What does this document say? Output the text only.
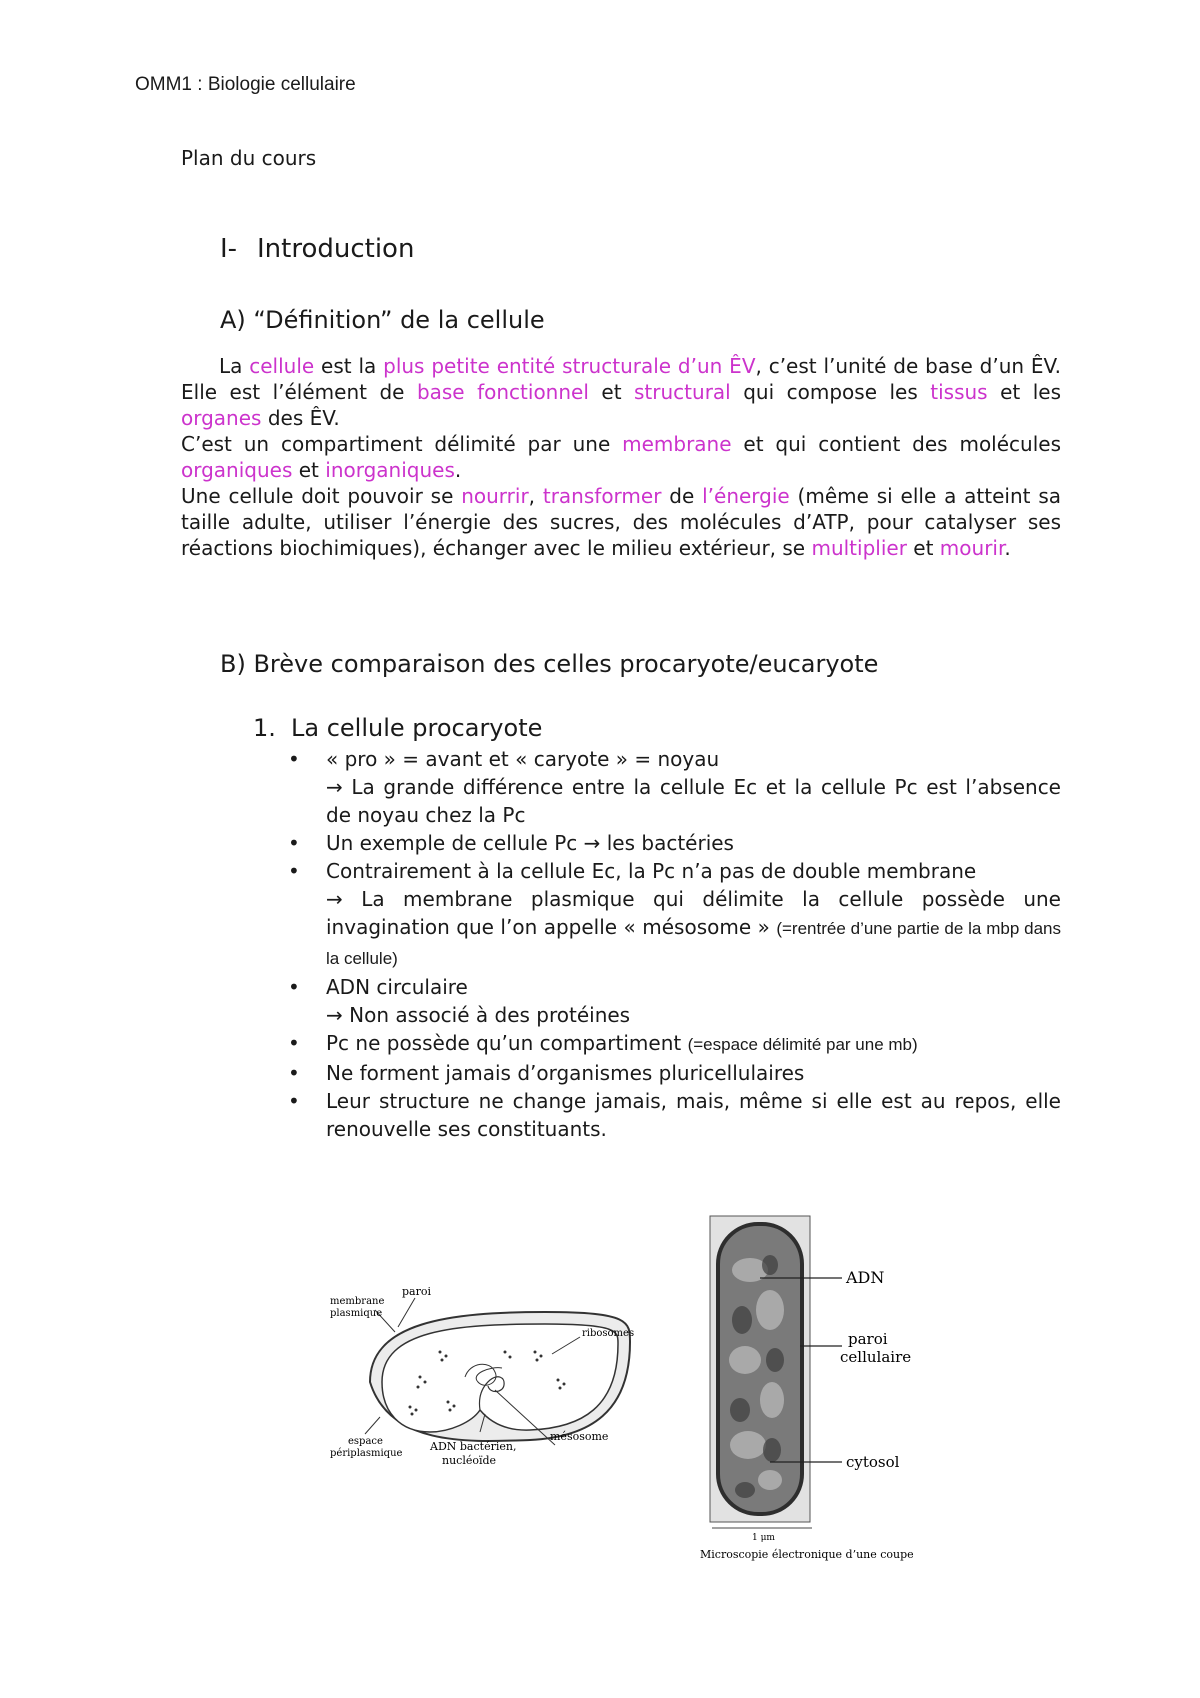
OMM1 : Biologie cellulaire
Plan du cours
I- Introduction
A) “Définition” de la cellule

La cellule est la plus petite entité structurale d’un ÊV, c’est l’unité de base d’un ÊV. Elle est l’élément de base fonctionnel et structural qui compose les tissus et les organes des ÊV.

C’est un compartiment délimité par une membrane et qui contient des molécules organiques et inorganiques.

Une cellule doit pouvoir se nourrir, transformer de l’énergie (même si elle a atteint sa taille adulte, utiliser l’énergie des sucres, des molécules d’ATP, pour catalyser ses réactions biochimiques), échanger avec le milieu extérieur, se multiplier et mourir.

B) Brève comparaison des celles procaryote/eucaryote
1. La cellule procaryote
• « pro » = avant et « caryote » = noyau
→ La grande différence entre la cellule Ec et la cellule Pc est l’absence de noyau chez la Pc
• Un exemple de cellule Pc → les bactéries
• Contrairement à la cellule Ec, la Pc n’a pas de double membrane
→ La membrane plasmique qui délimite la cellule possède une invagination que l’on appelle « mésosome » (=rentrée d’une partie de la mbp dans la cellule)
• ADN circulaire
→ Non associé à des protéines
• Pc ne possède qu’un compartiment (=espace délimité par une mb)
• Ne forment jamais d’organismes pluricellulaires
• Leur structure ne change jamais, mais, même si elle est au repos, elle renouvelle ses constituants.
paroi
membrane
plasmique
ribosomes
espace
périplasmique
ADN bactérien,
nucléoïde
mésosome
ADN
paroi
cellulaire
cytosol
1 μm
Microscopie électronique d’une coupe
